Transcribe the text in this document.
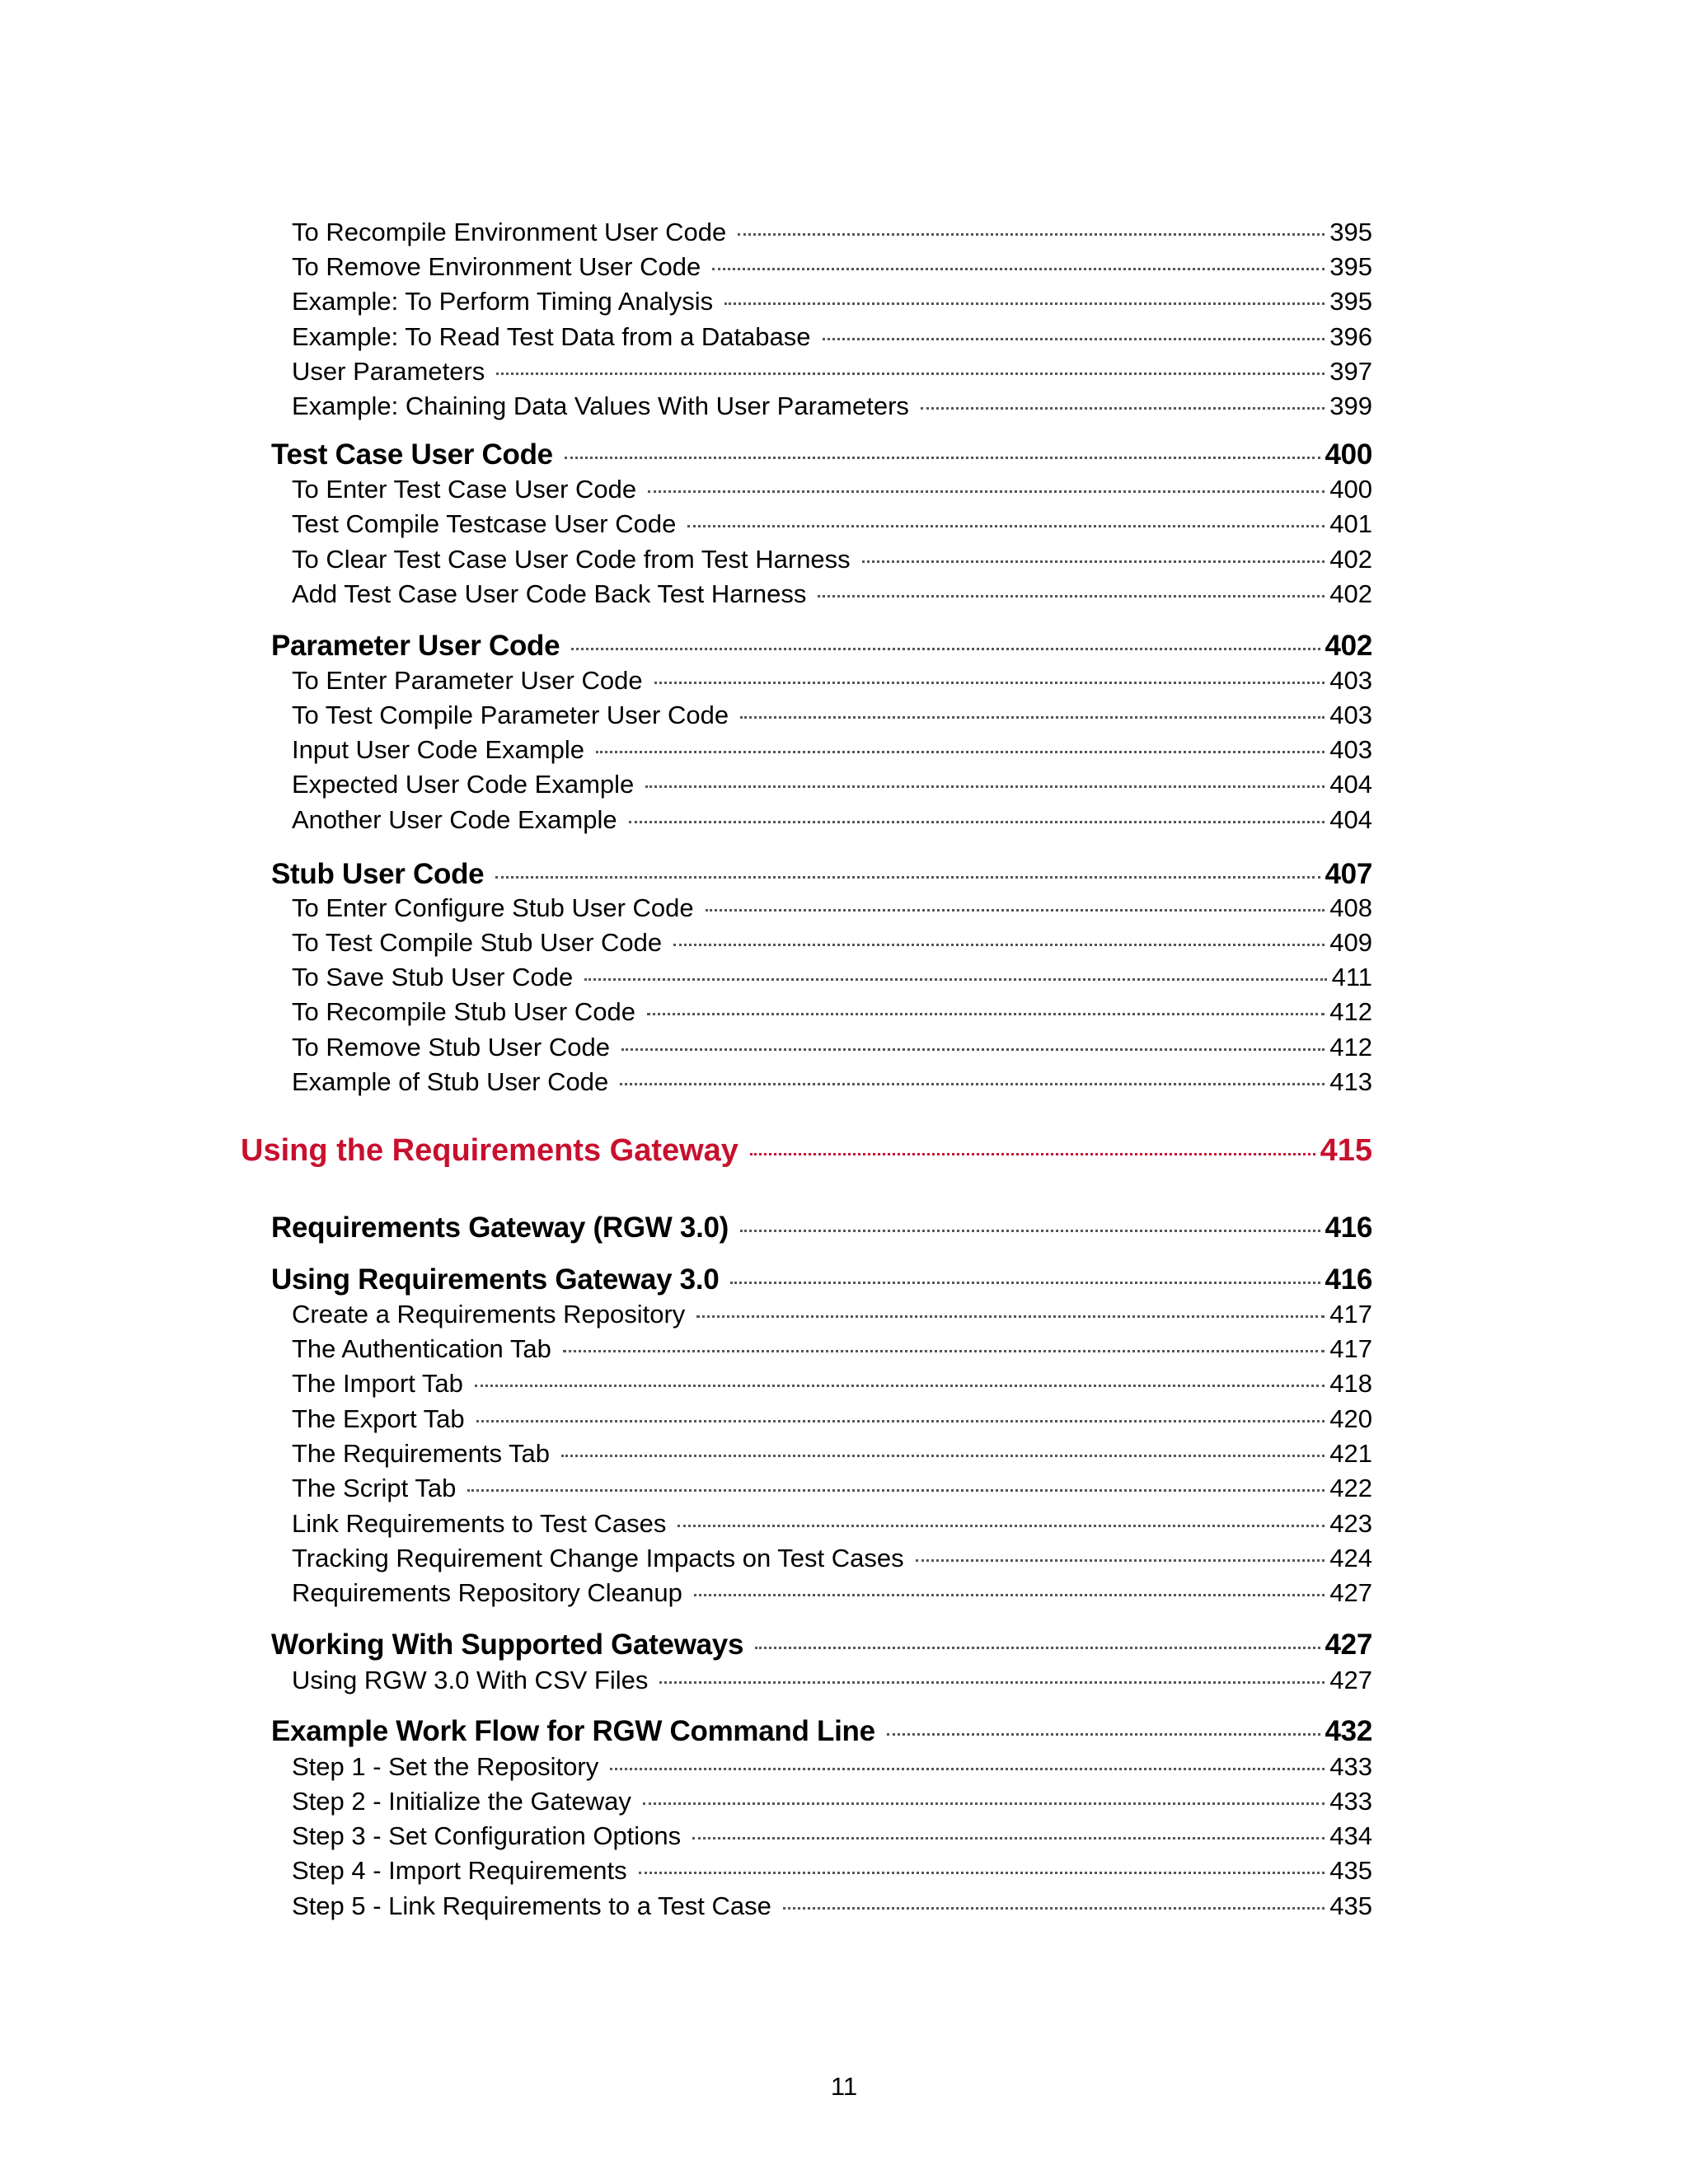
To Recompile Environment User Code	395
To Remove Environment User Code	395
Example: To Perform Timing Analysis	395
Example: To Read Test Data from a Database	396
User Parameters	397
Example: Chaining Data Values With User Parameters	399
Test Case User Code	400
To Enter Test Case User Code	400
Test Compile Testcase User Code	401
To Clear Test Case User Code from Test Harness	402
Add Test Case User Code Back Test Harness	402
Parameter User Code	402
To Enter Parameter User Code	403
To Test Compile Parameter User Code	403
Input User Code Example	403
Expected User Code Example	404
Another User Code Example	404
Stub User Code	407
To Enter Configure Stub User Code	408
To Test Compile Stub User Code	409
To Save Stub User Code	411
To Recompile Stub User Code	412
To Remove Stub User Code	412
Example of Stub User Code	413
Using the Requirements Gateway	415
Requirements Gateway (RGW 3.0)	416
Using Requirements Gateway 3.0	416
Create a Requirements Repository	417
The Authentication Tab	417
The Import Tab	418
The Export Tab	420
The Requirements Tab	421
The Script Tab	422
Link Requirements to Test Cases	423
Tracking Requirement Change Impacts on Test Cases	424
Requirements Repository Cleanup	427
Working With Supported Gateways	427
Using RGW 3.0 With CSV Files	427
Example Work Flow for RGW Command Line	432
Step 1 - Set the Repository	433
Step 2 - Initialize the Gateway	433
Step 3 - Set Configuration Options	434
Step 4 - Import Requirements	435
Step 5 - Link Requirements to a Test Case	435
11
